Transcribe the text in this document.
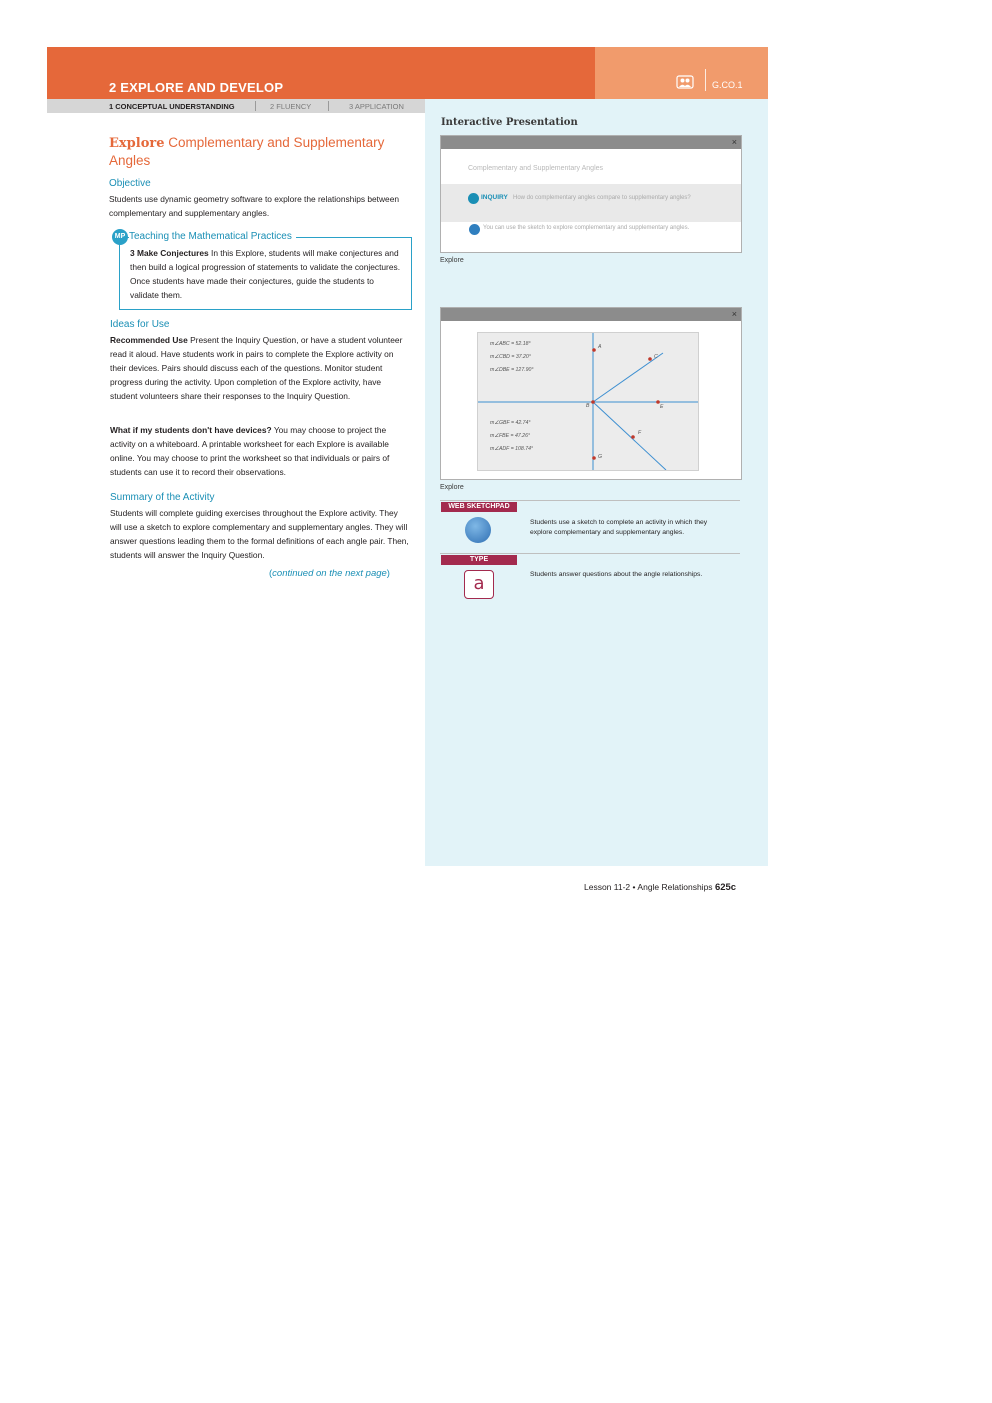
2 EXPLORE AND DEVELOP	G.CO.1
1 CONCEPTUAL UNDERSTANDING	2 FLUENCY	3 APPLICATION
Explore Complementary and Supplementary Angles
Objective
Students use dynamic geometry software to explore the relationships between complementary and supplementary angles.
MP Teaching the Mathematical Practices
3 Make Conjectures In this Explore, students will make conjectures and then build a logical progression of statements to validate the conjectures. Once students have made their conjectures, guide the students to validate them.
Ideas for Use
Recommended Use Present the Inquiry Question, or have a student volunteer read it aloud. Have students work in pairs to complete the Explore activity on their devices. Pairs should discuss each of the questions. Monitor student progress during the activity. Upon completion of the Explore activity, have student volunteers share their responses to the Inquiry Question.
What if my students don't have devices? You may choose to project the activity on a whiteboard. A printable worksheet for each Explore is available online. You may choose to print the worksheet so that individuals or pairs of students can use it to record their observations.
Summary of the Activity
Students will complete guiding exercises throughout the Explore activity. They will use a sketch to explore complementary and supplementary angles. They will answer questions leading them to the formal definitions of each angle pair. Then, students will answer the Inquiry Question.
(continued on the next page)
Interactive Presentation
×
Complementary and Supplementary Angles
INQUIRY How do complementary angles compare to supplementary angles?
You can use the sketch to explore complementary and supplementary angles.
Explore
×
m∠ABC = 52.18°
m∠CBD = 37.20°
m∠DBE = 127.90°
m∠GBF = 42.74°
m∠FBE = 47.26°
m∠ADF = 108.74°
A
C
B	E
F
G
Explore
WEB SKETCHPAD
Students use a sketch to complete an activity in which they explore complementary and supplementary angles.
TYPE
a	Students answer questions about the angle relationships.
Lesson 11-2 • Angle Relationships 625c
